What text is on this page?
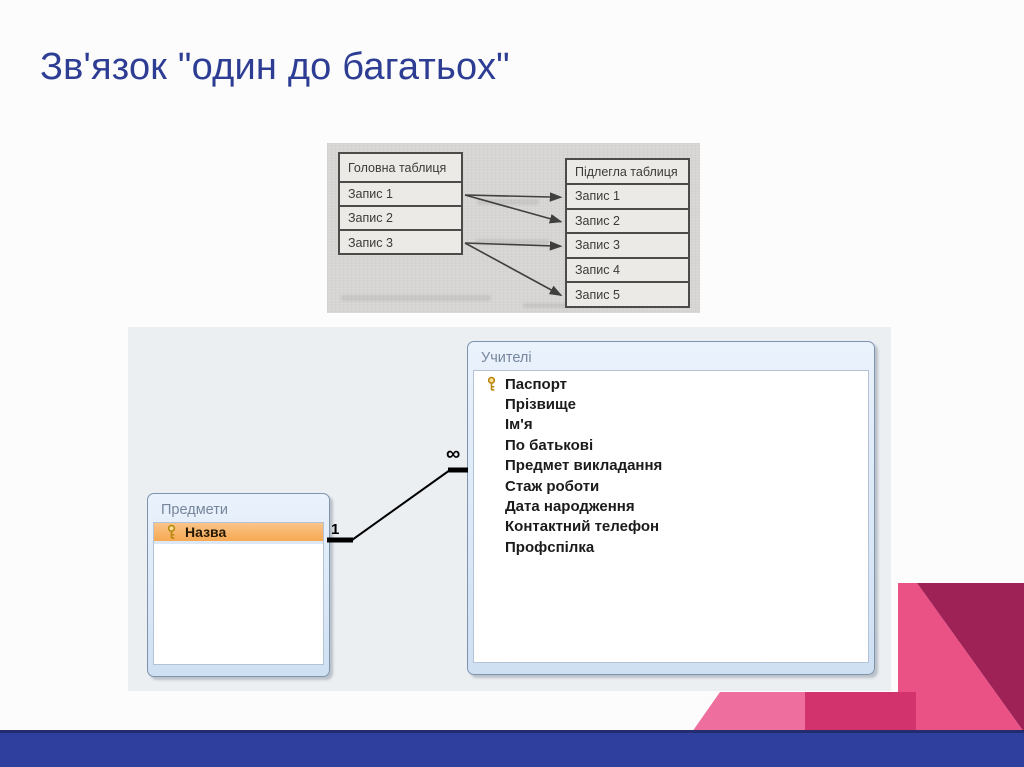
Зв'язок "один до багатьох"
Головна таблиця
Запис 1
Запис 2
Запис 3
Підлегла таблиця
Запис 1
Запис 2
Запис 3
Запис 4
Запис 5
Учителі
Паспорт
Прізвище
Ім'я
По батькові
Предмет викладання
Стаж роботи
Дата народження
Контактний телефон
Профспілка
Предмети
Назва	1
∞
